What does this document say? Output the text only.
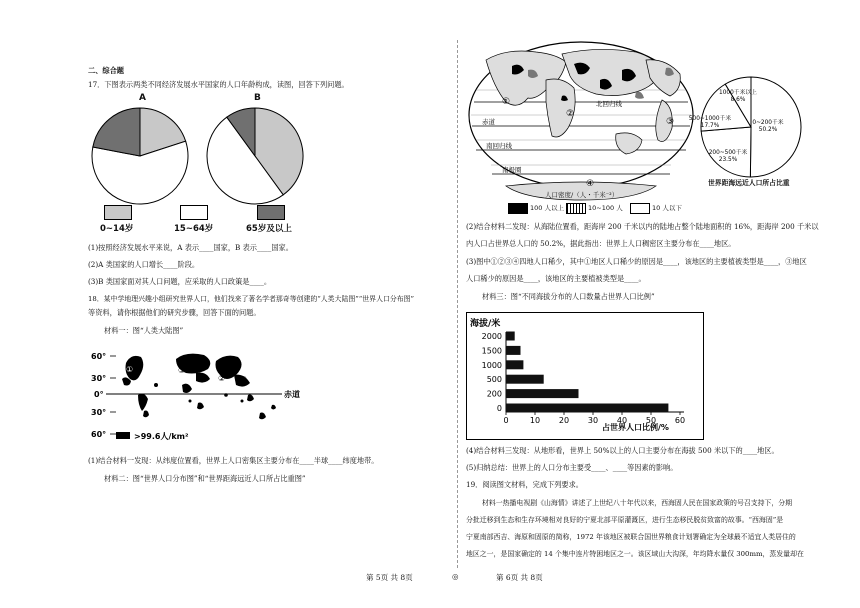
二、综合题
17．下图表示两类不同经济发展水平国家的人口年龄构成，读图，回答下列问题。
A	B
0~14岁	15~64岁	65岁及以上
(1)按照经济发展水平来说，A 表示____国家，B 表示____国家。
(2)A 类国家的人口增长____阶段。
(3)B 类国家面对其人口问题，应采取的人口政策是____。
18．某中学地理兴趣小组研究世界人口，他们找来了著名学者那奇等创建的“人类大陆图”“世界人口分布图”
等资料，请你根据他们的研究步骤，回答下面的问题。
材料一：图“人类大陆图”
60°
30°
0°
30°
60°
①
②
③
④
赤道
>99.6人/km²
(1)结合材料一发现：从纬度位置看，世界上人口密集区主要分布在____半球____纬度地带。
材料二：图“世界人口分布图”和“世界距海远近人口所占比重图”
北回归线
赤道
南回归线
南极圈
①
②
③
④
人口密度/（人・千米⁻²）
100 人以上	10~100 人	10 人以下
0~200千米
50.2%
200~500千米
23.5%
500~1000千米
17.7%
1000千米以上
8.6%
世界距海远近人口所占比重
(2)结合材料二发现：从海陆位置看，距海岸 200 千米以内的陆地占整个陆地面积的 16%，距海岸 200 千米以
内人口占世界总人口的 50.2%，据此指出：世界上人口稠密区主要分布在____地区。
(3)图中①②③④四地人口稀少，其中①地区人口稀少的原因是____，该地区的主要植被类型是____，③地区
人口稀少的原因是____，该地区的主要植被类型是____。
材料三：图“不同海拔分布的人口数量占世界人口比例”
海拔/米
占世界人口比例/%
0
200
500
1000
1500
2000
0	10 20 30 40 50 60
(4)结合材料三发现：从地形看，世界上 50%以上的人口主要分布在海拔 500 米以下的____地区。
(5)归纳总结：世界上的人口分布主要受____、____等因素的影响。
19．阅读图文材料，完成下列要求。
材料一热播电视剧《山海情》讲述了上世纪八十年代以来，西海固人民在国家政策的号召支持下，分期
分批迁移到生态和生存环境相对良好的宁夏北部平原灌溉区，进行生态移民脱贫致富的故事。“西海固”是
宁夏南部西吉、海原和固原的简称，1972 年该地区被联合国世界粮食计划署确定为全球最不适宜人类居住的
地区之一，是国家确定的 14 个集中连片特困地区之一。该区域山大沟深，年均降水量仅 300mm，蒸发量却在
第 5页 共 8页	◎	第 6页 共 8页
